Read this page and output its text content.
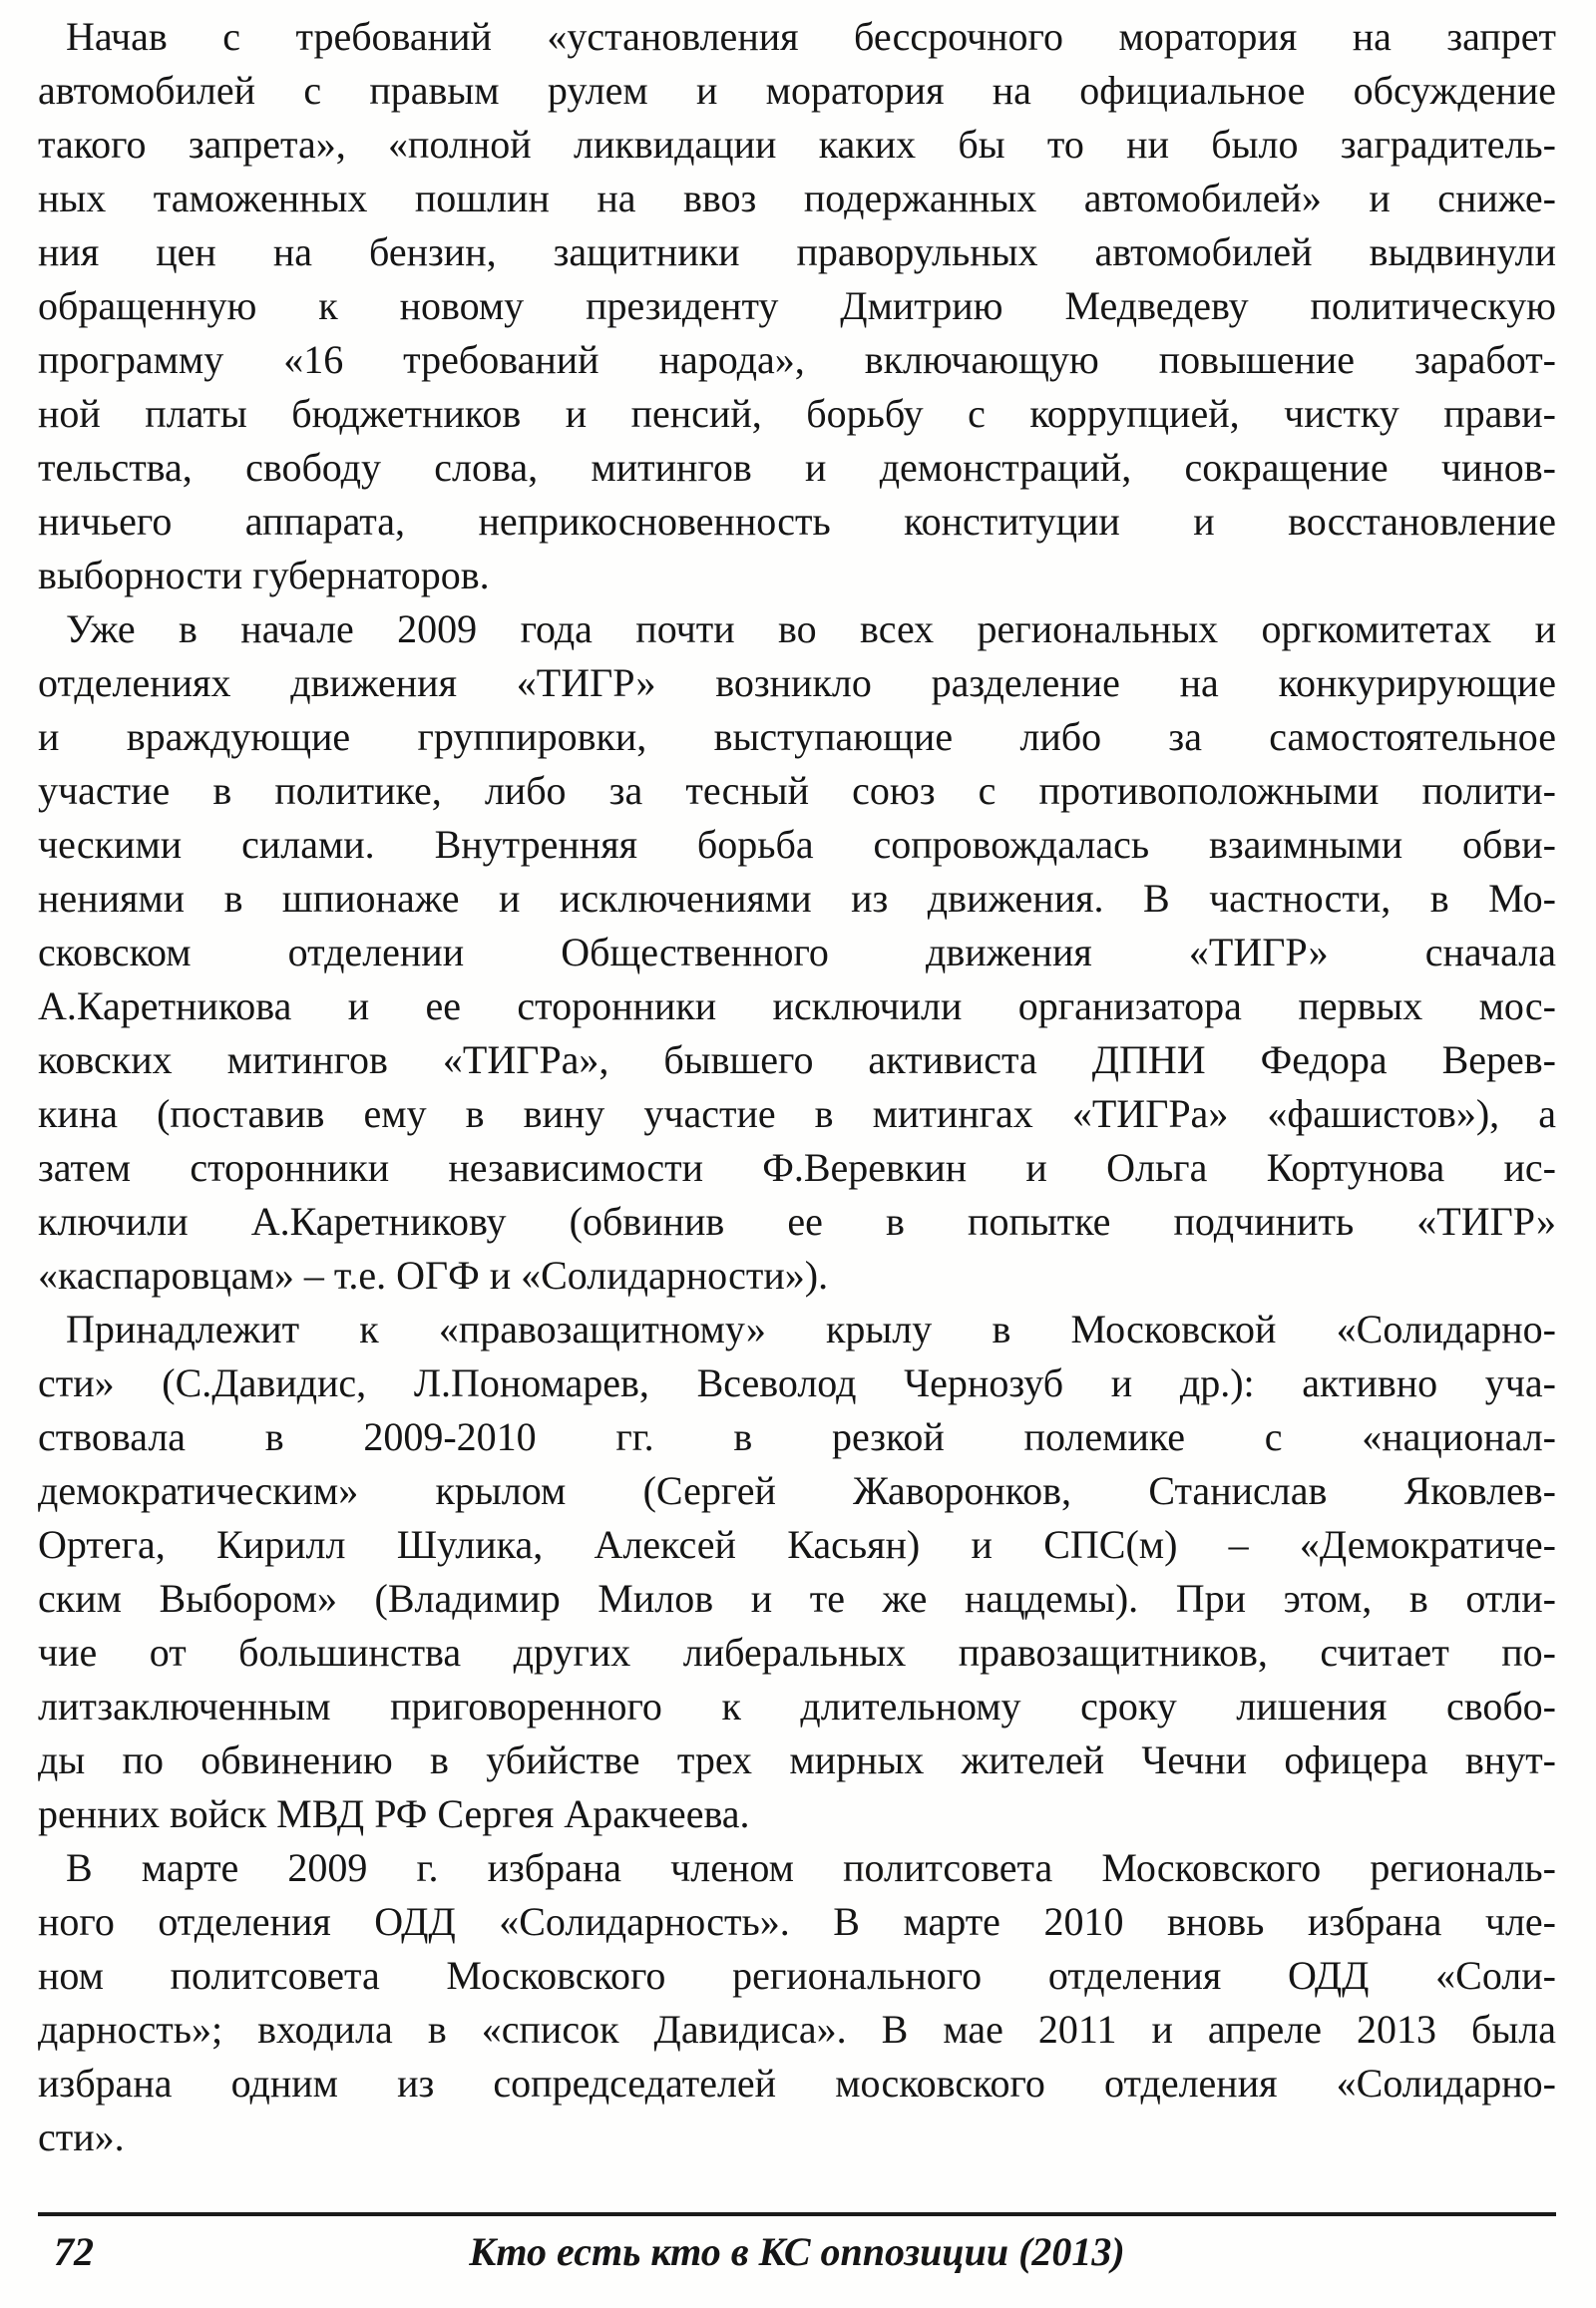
Начав с требований «установления бессрочного моратория на запрет
автомобилей с правым рулем и моратория на официальное обсуждение
такого запрета», «полной ликвидации каких бы то ни было заградитель-
ных таможенных пошлин на ввоз подержанных автомобилей» и сниже-
ния цен на бензин, защитники праворульных автомобилей выдвинули
обращенную к новому президенту Дмитрию Медведеву политическую
программу «16 требований народа», включающую повышение заработ-
ной платы бюджетников и пенсий, борьбу с коррупцией, чистку прави-
тельства, свободу слова, митингов и демонстраций, сокращение чинов-
ничьего аппарата, неприкосновенность конституции и восстановление
выборности губернаторов.

Уже в начале 2009 года почти во всех региональных оргкомитетах и
отделениях движения «ТИГР» возникло разделение на конкурирующие
и враждующие группировки, выступающие либо за самостоятельное
участие в политике, либо за тесный союз с противоположными полити-
ческими силами. Внутренняя борьба сопровождалась взаимными обви-
нениями в шпионаже и исключениями из движения. В частности, в Мо-
сковском отделении Общественного движения «ТИГР» сначала
А.Каретникова и ее сторонники исключили организатора первых мос-
ковских митингов «ТИГРа», бывшего активиста ДПНИ Федора Верев-
кина (поставив ему в вину участие в митингах «ТИГРа» «фашистов»), а
затем сторонники независимости Ф.Веревкин и Ольга Кортунова ис-
ключили А.Каретникову (обвинив ее в попытке подчинить «ТИГР»
«каспаровцам» – т.е. ОГФ и «Солидарности»).

Принадлежит к «правозащитному» крылу в Московской «Солидарно-
сти» (С.Давидис, Л.Пономарев, Всеволод Чернозуб и др.): активно уча-
ствовала в 2009-2010 гг. в резкой полемике с «национал-
демократическим» крылом (Сергей Жаворонков, Станислав Яковлев-
Ортега, Кирилл Шулика, Алексей Касьян) и СПС(м) – «Демократиче-
ским Выбором» (Владимир Милов и те же нацдемы). При этом, в отли-
чие от большинства других либеральных правозащитников, считает по-
литзаключенным приговоренного к длительному сроку лишения свобо-
ды по обвинению в убийстве трех мирных жителей Чечни офицера внут-
ренних войск МВД РФ Сергея Аракчеева.

В марте 2009 г. избрана членом политсовета Московского региональ-
ного отделения ОДД «Солидарность». В марте 2010 вновь избрана чле-
ном политсовета Московского регионального отделения ОДД «Соли-
дарность»; входила в «список Давидиса». В мае 2011 и апреле 2013 была
избрана одним из сопредседателей московского отделения «Солидарно-
сти».

72	Кто есть кто в КС оппозиции (2013)
